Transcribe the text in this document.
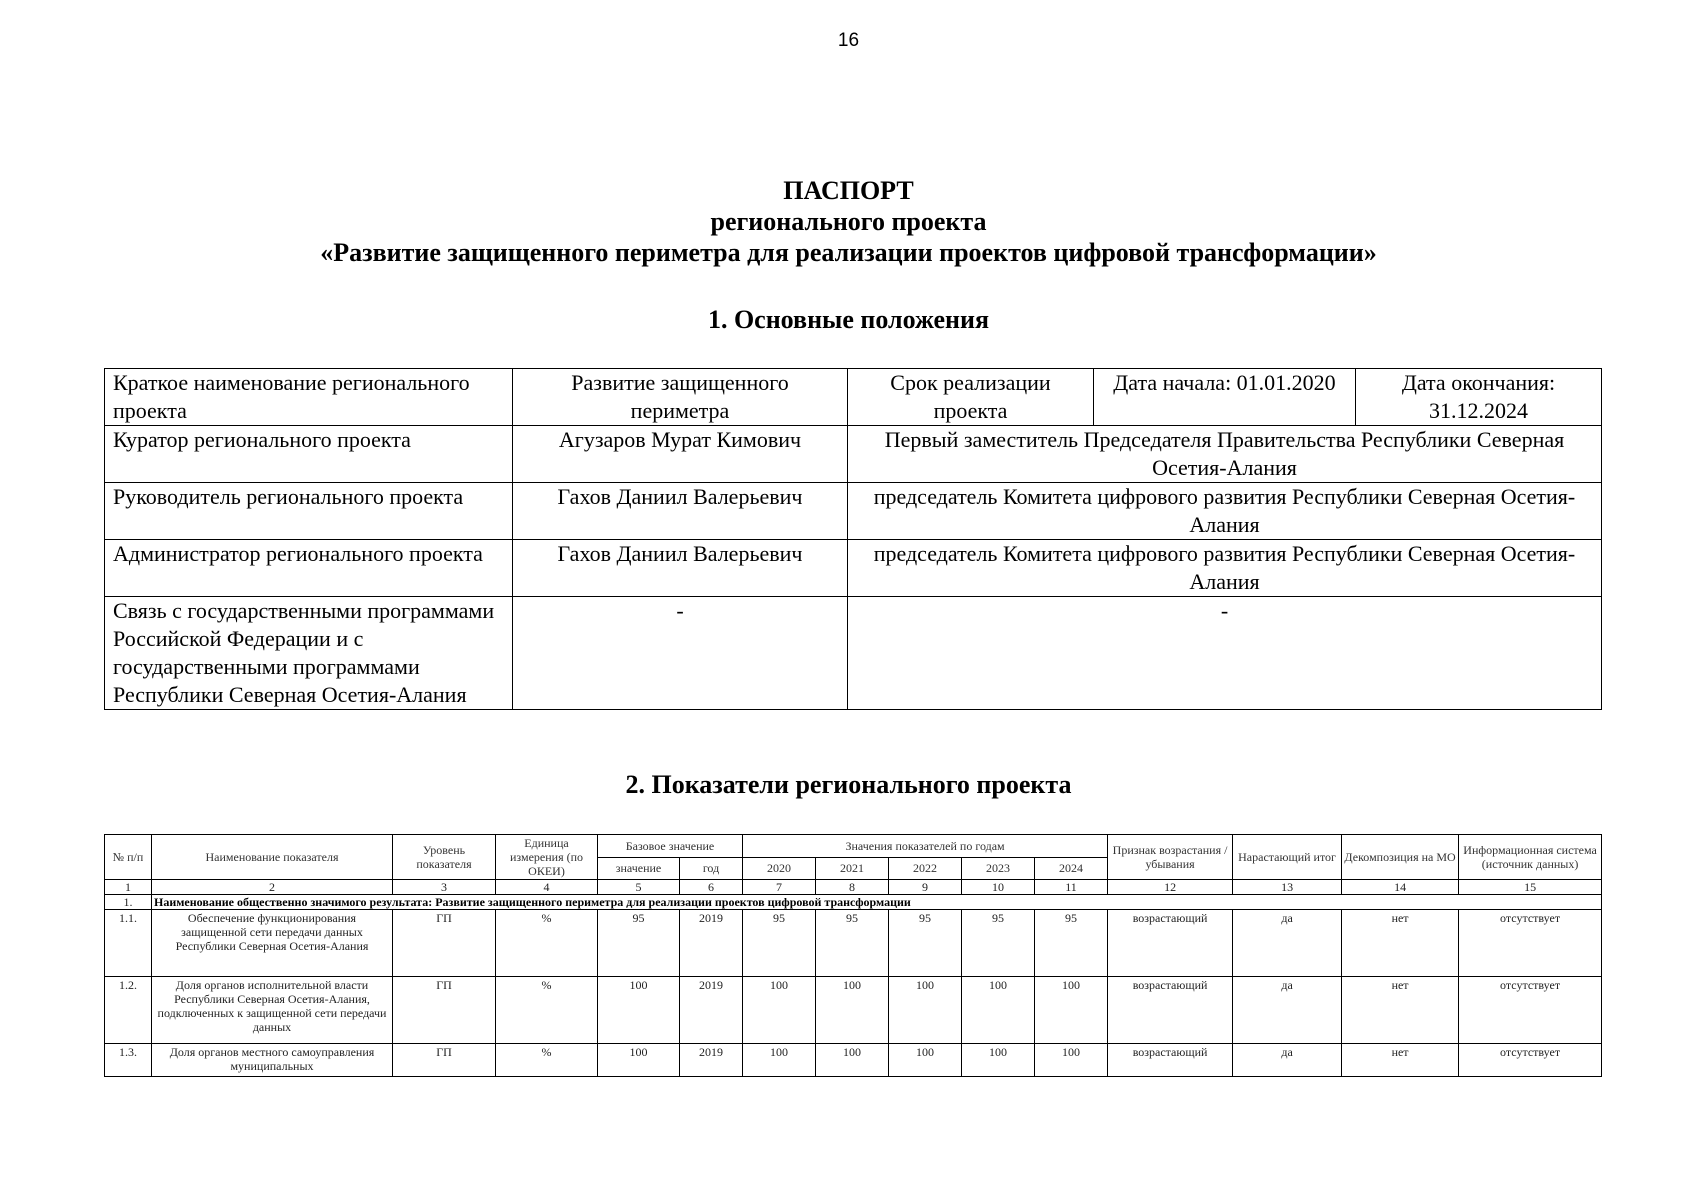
16
ПАСПОРТ
регионального проекта
«Развитие защищенного периметра для реализации проектов цифровой трансформации»
1. Основные положения
Краткое наименование регионального проекта	Развитие защищенного периметра	Срок реализации проекта	Дата начала: 01.01.2020	Дата окончания: 31.12.2024
Куратор регионального проекта	Агузаров Мурат Кимович	Первый заместитель Председателя Правительства Республики Северная Осетия-Алания		
Руководитель регионального проекта	Гахов Даниил Валерьевич	председатель Комитета цифрового развития Республики Северная Осетия-Алания		
Администратор регионального проекта	Гахов Даниил Валерьевич	председатель Комитета цифрового развития Республики Северная Осетия-Алания		
Связь с государственными программами Российской Федерации и с государственными программами Республики Северная Осетия-Алания	-	-		
2. Показатели регионального проекта
№ п/п	Наименование показателя	Уровень показателя	Единица измерения (по ОКЕИ)	Базовое значение		Значения показателей по годам					Признак возрастания / убывания	Нарастающий итог	Декомпозиция на МО	Информационная система (источник данных)
				значение	год	2020	2021	2022	2023	2024				
1	2	3	4	5	6	7	8	9	10	11	12	13	14	15
1.	Наименование общественно значимого результата: Развитие защищенного периметра для реализации проектов цифровой трансформации													
1.1.	Обеспечение функционирования защищенной сети передачи данных Республики Северная Осетия-Алания	ГП	%	95	2019	95	95	95	95	95	возрастающий	да	нет	отсутствует
1.2.	Доля органов исполнительной власти Республики Северная Осетия-Алания, подключенных к защищенной сети передачи данных	ГП	%	100	2019	100	100	100	100	100	возрастающий	да	нет	отсутствует
1.3.	Доля органов местного самоуправления муниципальных	ГП	%	100	2019	100	100	100	100	100	возрастающий	да	нет	отсутствует
